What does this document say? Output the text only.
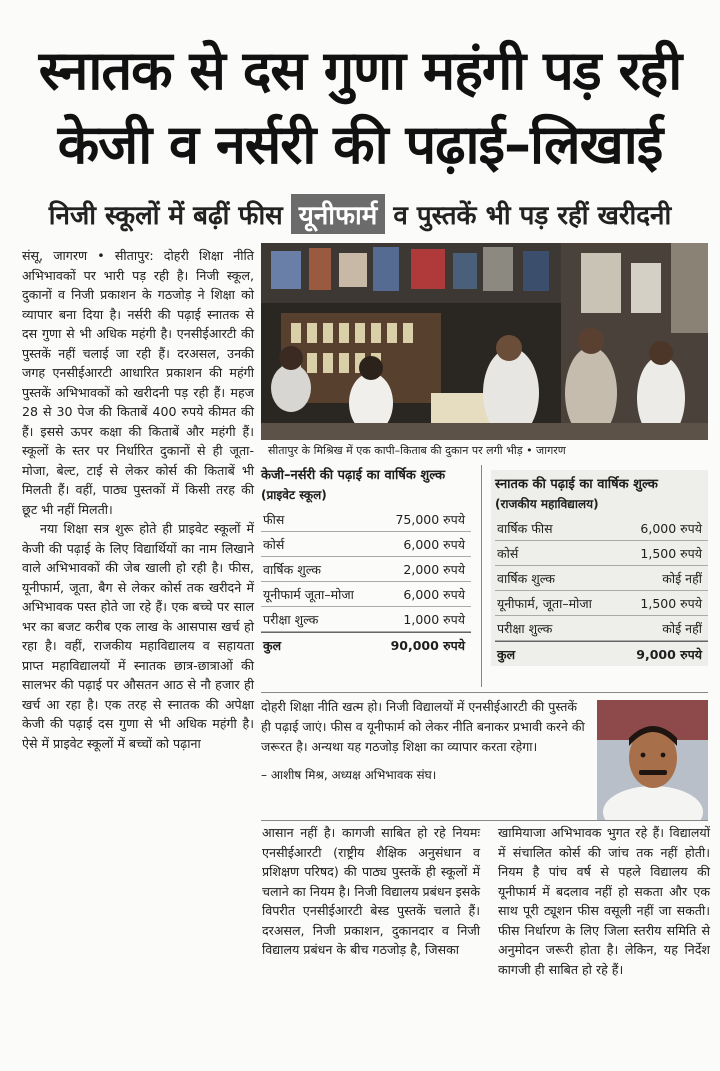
स्नातक से दस गुणा महंगी पड़ रही
केजी व नर्सरी की पढ़ाई–लिखाई
निजी स्कूलों में बढ़ीं फीस यूनीफार्म व पुस्तकें भी पड़ रहीं खरीदनी

संसू, जागरण • सीतापुर: दोहरी शिक्षा नीति अभिभावकों पर भारी पड़ रही है। निजी स्कूल, दुकानों व निजी प्रकाशन के गठजोड़ ने शिक्षा को व्यापार बना दिया है। नर्सरी की पढ़ाई स्नातक से दस गुणा से भी अधिक महंगी है। एनसीईआरटी की पुस्तकें नहीं चलाई जा रही हैं। दरअसल, उनकी जगह एनसीईआरटी आधारित प्रकाशन की महंगी पुस्तकें अभिभावकों को खरीदनी पड़ रही हैं। महज 28 से 30 पेज की किताबें 400 रुपये कीमत की हैं। इससे ऊपर कक्षा की किताबें और महंगी हैं। स्कूलों के स्तर पर निर्धारित दुकानों से ही जूता-मोजा, बेल्ट, टाई से लेकर कोर्स की किताबें भी मिलती हैं। वहीं, पाठ्य पुस्तकों में किसी तरह की छूट भी नहीं मिलती।

नया शिक्षा सत्र शुरू होते ही प्राइवेट स्कूलों में केजी की पढ़ाई के लिए विद्यार्थियों का नाम लिखाने वाले अभिभावकों की जेब खाली हो रही है। फीस, यूनीफार्म, जूता, बैग से लेकर कोर्स तक खरीदने में अभिभावक पस्त होते जा रहे हैं। एक बच्चे पर साल भर का बजट करीब एक लाख के आसपास खर्च हो रहा है। वहीं, राजकीय महाविद्यालय व सहायता प्राप्त महाविद्यालयों में स्नातक छात्र-छात्राओं की सालभर की पढ़ाई पर औसतन आठ से नौ हजार ही खर्च आ रहा है। एक तरह से स्नातक की अपेक्षा केजी की पढ़ाई दस गुणा से भी अधिक महंगी है। ऐसे में प्राइवेट स्कूलों में बच्चों को पढ़ाना

सीतापुर के मिश्रिख में एक कापी–किताब की दुकान पर लगी भीड़ • जागरण
केजी–नर्सरी की पढ़ाई का वार्षिक शुल्क
(प्राइवेट स्कूल)
फीस	75,000 रुपये
कोर्स	6,000 रुपये
वार्षिक शुल्क	2,000 रुपये
यूनीफार्म जूता–मोजा	6,000 रुपये
परीक्षा शुल्क	1,000 रुपये
कुल	90,000 रुपये
स्नातक की पढ़ाई का वार्षिक शुल्क
(राजकीय महाविद्यालय)
वार्षिक फीस	6,000 रुपये
कोर्स	1,500 रुपये
वार्षिक शुल्क	कोई नहीं
यूनीफार्म, जूता–मोजा	1,500 रुपये
परीक्षा शुल्क	कोई नहीं
कुल	9,000 रुपये
दोहरी शिक्षा नीति खत्म हो। निजी विद्यालयों में एनसीईआरटी की पुस्तकें ही पढ़ाई जाएं। फीस व यूनीफार्म को लेकर नीति बनाकर प्रभावी करने की जरूरत है। अन्यथा यह गठजोड़ शिक्षा का व्यापार करता रहेगा।
– आशीष मिश्र, अध्यक्ष अभिभावक संघ।
आसान नहीं है। कागजी साबित हो रहे नियमः एनसीईआरटी (राष्ट्रीय शैक्षिक अनुसंधान व प्रशिक्षण परिषद) की पाठ्य पुस्तकें ही स्कूलों में चलाने का नियम है। निजी विद्यालय प्रबंधन इसके विपरीत एनसीईआरटी बेस्ड पुस्तकें चलाते हैं। दरअसल, निजी प्रकाशन, दुकानदार व निजी विद्यालय प्रबंधन के बीच गठजोड़ है, जिसका
खामियाजा अभिभावक भुगत रहे हैं। विद्यालयों में संचालित कोर्स की जांच तक नहीं होती। नियम है पांच वर्ष से पहले विद्यालय की यूनीफार्म में बदलाव नहीं हो सकता और एक साथ पूरी ट्यूशन फीस वसूली नहीं जा सकती। फीस निर्धारण के लिए जिला स्तरीय समिति से अनुमोदन जरूरी होता है। लेकिन, यह निर्देश कागजी ही साबित हो रहे हैं।
